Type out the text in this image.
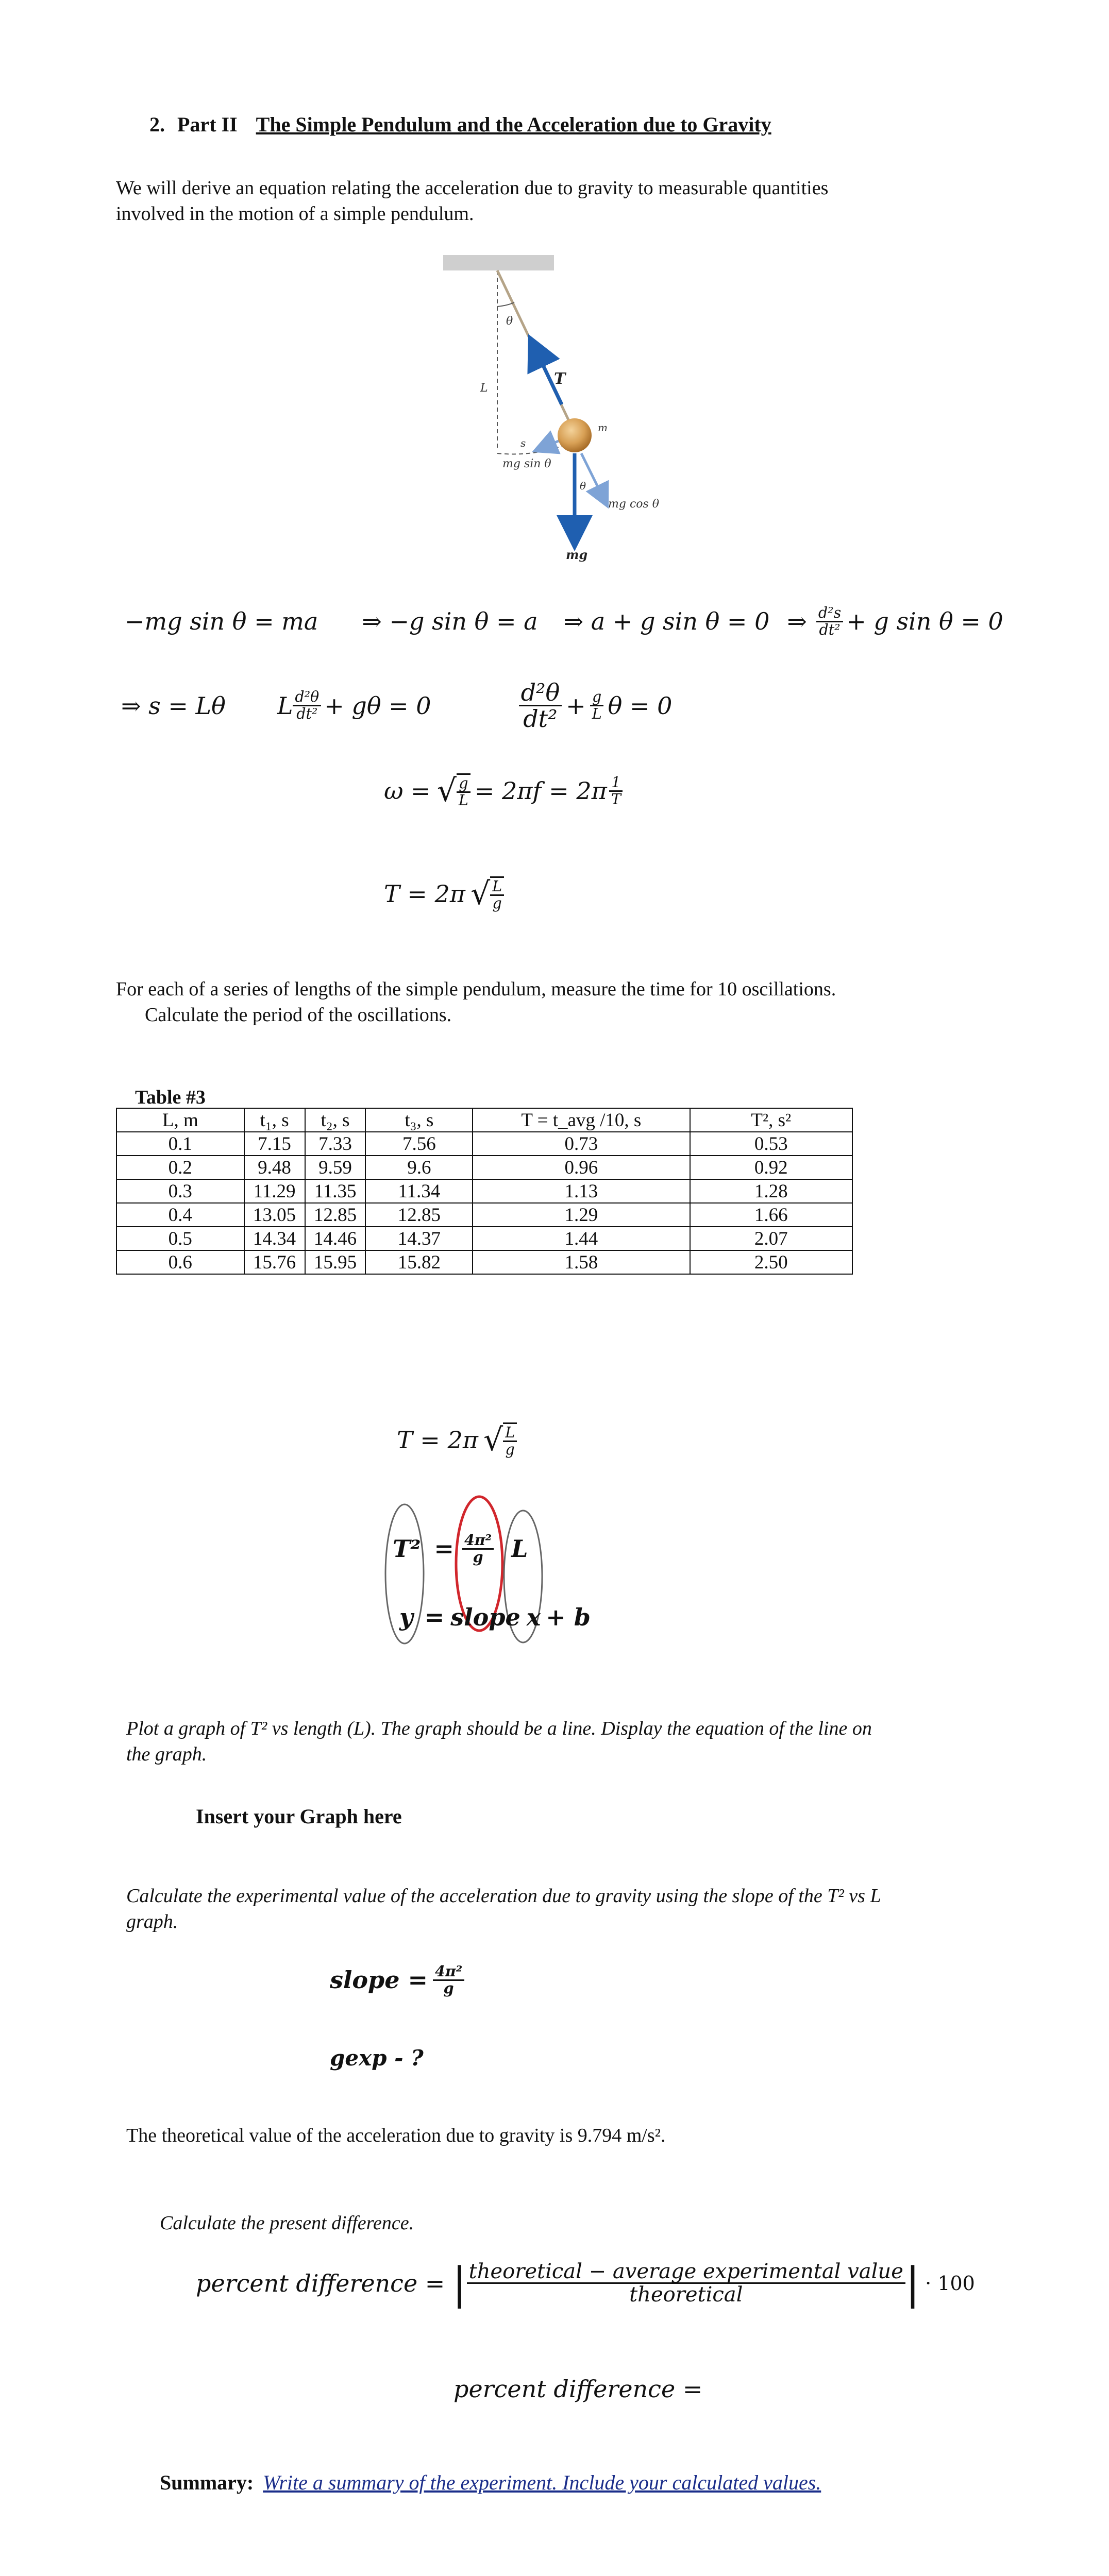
2. Part II The Simple Pendulum and the Acceleration due to Gravity
We will derive an equation relating the acceleration due to gravity to measurable quantities
involved in the motion of a simple pendulum.
θ
L
T
s
mg sin θ
mg cos θ
θ
mg
m
−mg sin θ = ma ⇒ −g sin θ = a ⇒ a + g sin θ = 0 ⇒ $\frac{\text{d²s}}{\text{dt²}} + g$ sin θ = 0
⇒ s = Lθ L $\frac{\text{d²θ}}{\text{dt²}} + g\theta = 0$	$\frac{\text{d²θ}}{\text{dt²}} + \frac{g}{L}$ θ = 0
ω = √ $\frac{g}{L} = 2\pi f = 2\pi \frac{1}{T}$
T = 2π √ $\frac{L}{g}$
For each of a series of lengths of the simple pendulum, measure the time for 10 oscillations.
Calculate the period of the oscillations.
Table #3
L, m	t₁, s	t₂, s	t₃, s	T = t_avg /10, s	T², s²
0.1	7.15	7.33	7.56	0.73	0.53
0.2	9.48	9.59	9.6	0.96	0.92
0.3	11.29	11.35	11.34	1.13	1.28
0.4	13.05	12.85	12.85	1.29	1.66
0.5	14.34	14.46	14.37	1.44	2.07
0.6	15.76	15.95	15.82	1.58	2.50
T = 2π √ $\frac{L}{g}$
$T^2 = \frac{\text{4π²}}{g}$ L
y = slope x + b
Plot a graph of T² vs length (L). The graph should be a line. Display the equation of the line on
the graph.
Insert your Graph here
Calculate the experimental value of the acceleration due to gravity using the slope of the T² vs L
graph.
slope = $\frac{\text{4π²}}{g}$
gexp - ?
The theoretical value of the acceleration due to gravity is 9.794 m/s².
Calculate the present difference.
percent difference = | $\frac{\text{theoretical − average experimental value}}{\text{theoretical}}$ | · 100
percent difference =
Summary: Write a summary of the experiment. Include your calculated values.
